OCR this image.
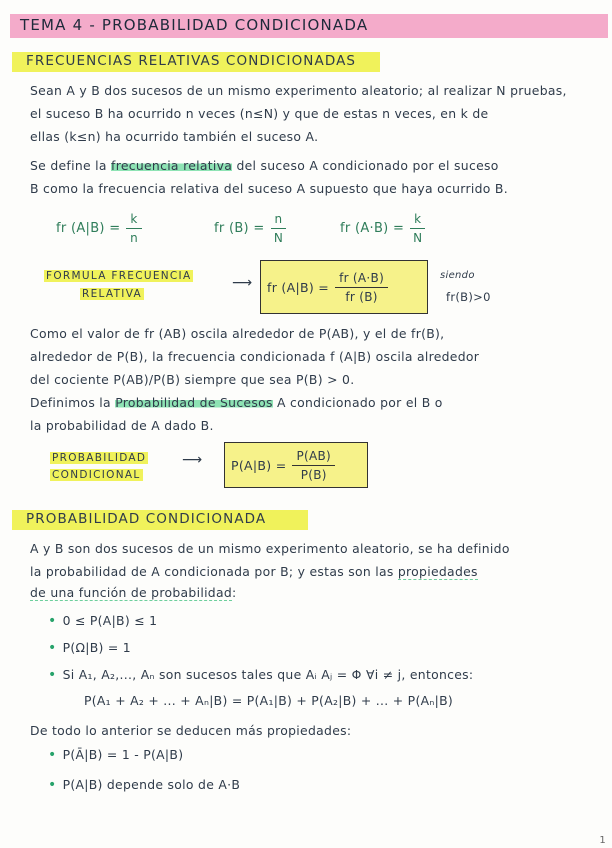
TEMA 4 - PROBABILIDAD CONDICIONADA
FRECUENCIAS RELATIVAS CONDICIONADAS
Sean A y B dos sucesos de un mismo experimento aleatorio; al realizar N pruebas,
el suceso B ha ocurrido n veces (n≤N) y que de estas n veces, en k de
ellas (k≤n) ha ocurrido también el suceso A.
Se define la frecuencia relativa del suceso A condicionado por el suceso
B como la frecuencia relativa del suceso A supuesto que haya ocurrido B.
fr $(A|B) = \frac{k}{n}$	fr $(B) = \frac{n}{N}$	fr $(A\cdot B) = \frac{k}{N}$
FORMULA FRECUENCIA
RELATIVA
⟶ fr $(A|B) = \frac{fr (A\cdot B)}{fr (B)}$	siendo
fr(B)>0
Como el valor de fr (AB) oscila alrededor de P(AB), y el de fr(B),
alrededor de P(B), la frecuencia condicionada f (A|B) oscila alrededor
del cociente P(AB)/P(B) siempre que sea P(B) > 0.
Definimos la Probabilidad de Sucesos A condicionado por el B o
la probabilidad de A dado B.
PROBABILIDAD
CONDICIONAL
⟶ $P(A|B) = \frac{P(AB)}{P(B)}$
PROBABILIDAD CONDICIONADA
A y B son dos sucesos de un mismo experimento aleatorio, se ha definido
la probabilidad de A condicionada por B; y estas son las propiedades
de una función de probabilidad:
• 0 ≤ P(A|B) ≤ 1
• P(Ω|B) = 1
• Si A₁, A₂,..., Aₙ son sucesos tales que Aᵢ Aⱼ = Φ ∀i ≠ j, entonces:
P(A₁ + A₂ + ... + Aₙ|B) = P(A₁|B) + P(A₂|B) + ... + P(Aₙ|B)
De todo lo anterior se deducen más propiedades:
• P(Ā|B) = 1 - P(A|B)
• P(A|B) depende solo de A·B
1
